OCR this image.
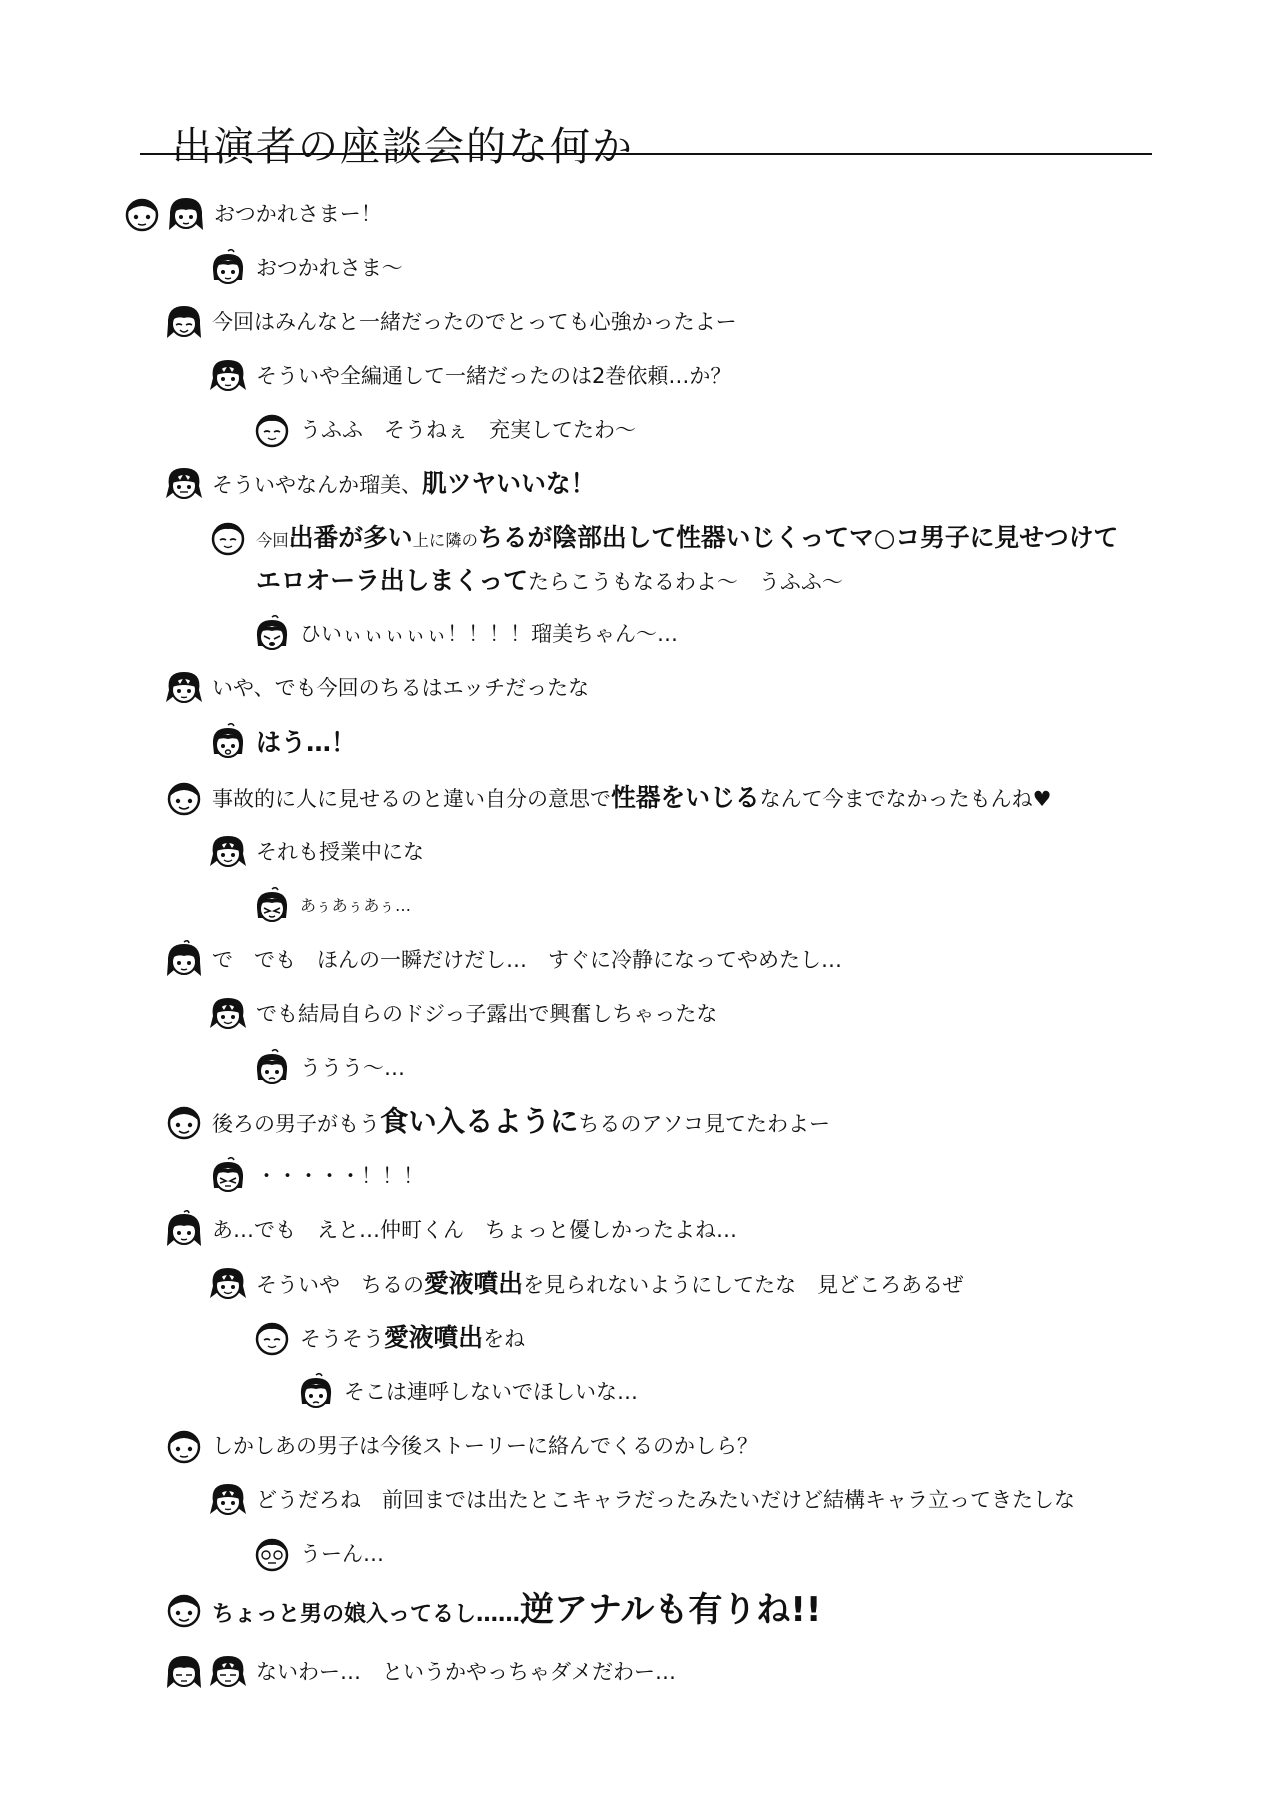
出演者の座談会的な何か
おつかれさまー！
おつかれさま～
今回はみんなと一緒だったのでとっても心強かったよー
そういや全編通して一緒だったのは2巻依頼…か？
うふふ　そうねぇ　充実してたわ～
そういやなんか瑠美、肌ツヤいいな！
今回出番が多い上に隣のちるが陰部出して性器いじくってマ○コ男子に見せつけて
エロオーラ出しまくってたらこうもなるわよ～　うふふ～
ひいぃぃぃぃぃ！！！！瑠美ちゃん～…
いや、でも今回のちるはエッチだったな
はう…！
事故的に人に見せるのと違い自分の意思で性器をいじるなんて今までなかったもんね♥
それも授業中にな
あぅあぅあぅ…
で　でも　ほんの一瞬だけだし…　すぐに冷静になってやめたし…
でも結局自らのドジっ子露出で興奮しちゃったな
ううう～…
後ろの男子がもう食い入るようにちるのアソコ見てたわよー
・・・・・！！！
あ…でも　えと…仲町くん　ちょっと優しかったよね…
そういや　ちるの愛液噴出を見られないようにしてたな　見どころあるぜ
そうそう愛液噴出をね
そこは連呼しないでほしいな…
しかしあの男子は今後ストーリーに絡んでくるのかしら？
どうだろね　前回までは出たとこキャラだったみたいだけど結構キャラ立ってきたしな
うーん…
ちょっと男の娘入ってるし……逆アナルも有りね!!
ないわー…　というかやっちゃダメだわー…
